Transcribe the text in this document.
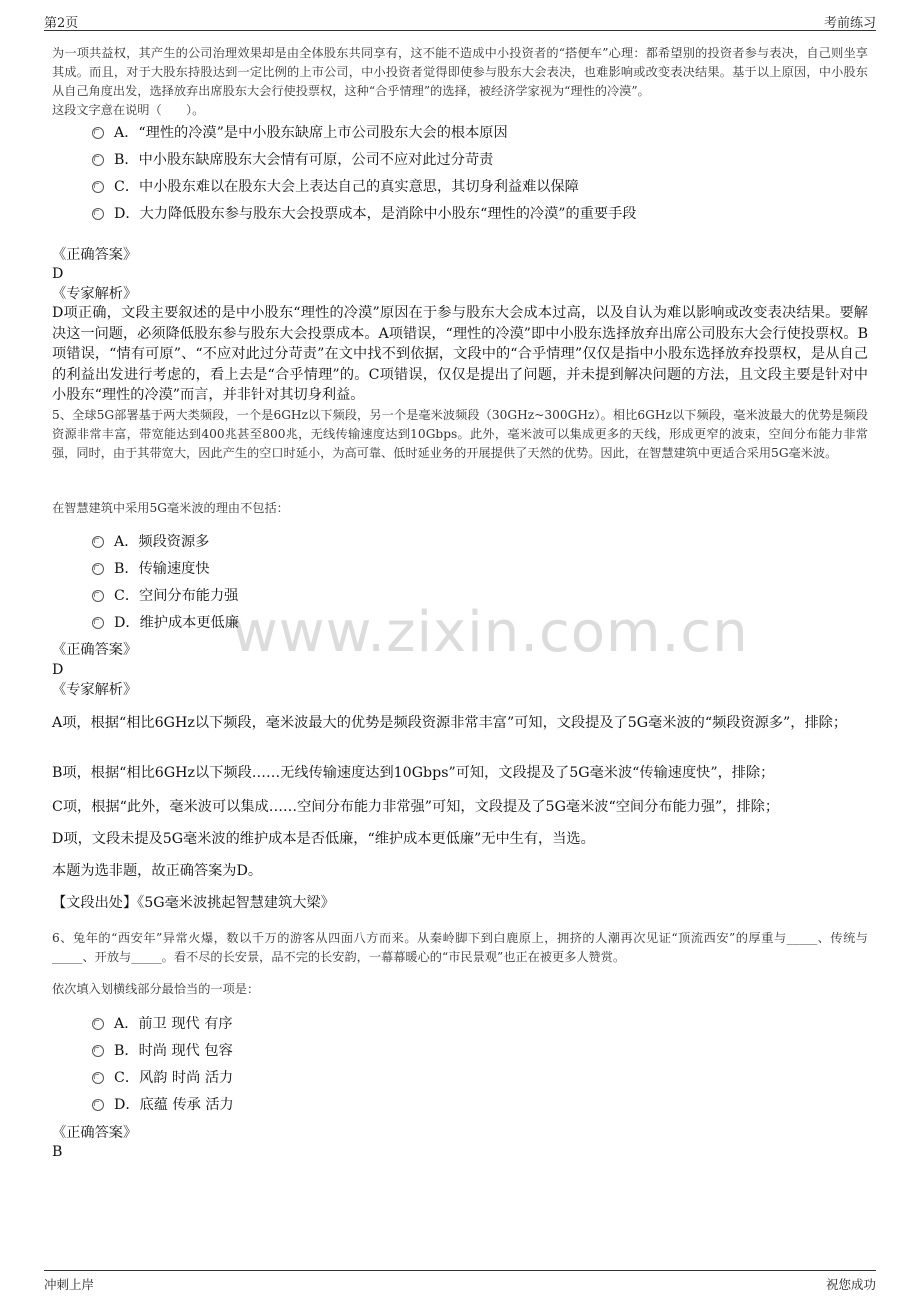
第2页	考前练习
www.zixin.com.cn
为一项共益权，其产生的公司治理效果却是由全体股东共同享有，这不能不造成中小投资者的“搭便车”心理：都希望别的投资者参与表决，自己则坐享其成。而且，对于大股东持股达到一定比例的上市公司，中小投资者觉得即使参与股东大会表决，也难影响或改变表决结果。基于以上原因，中小股东从自己角度出发，选择放弃出席股东大会行使投票权，这种“合乎情理”的选择，被经济学家视为“理性的冷漠”。
这段文字意在说明（　　）。
A．“理性的冷漠”是中小股东缺席上市公司股东大会的根本原因
B．中小股东缺席股东大会情有可原，公司不应对此过分苛责
C．中小股东难以在股东大会上表达自己的真实意思，其切身利益难以保障
D．大力降低股东参与股东大会投票成本，是消除中小股东“理性的冷漠”的重要手段
《正确答案》
D
《专家解析》
D项正确，文段主要叙述的是中小股东“理性的冷漠”原因在于参与股东大会成本过高，以及自认为难以影响或改变表决结果。要解决这一问题，必须降低股东参与股东大会投票成本。A项错误，“理性的冷漠”即中小股东选择放弃出席公司股东大会行使投票权。B项错误，“情有可原”、“不应对此过分苛责”在文中找不到依据，文段中的“合乎情理”仅仅是指中小股东选择放弃投票权，是从自己的利益出发进行考虑的，看上去是“合乎情理”的。C项错误，仅仅是提出了问题，并未提到解决问题的方法，且文段主要是针对中小股东“理性的冷漠”而言，并非针对其切身利益。
5、全球5G部署基于两大类频段，一个是6GHz以下频段，另一个是毫米波频段（30GHz~300GHz）。相比6GHz以下频段，毫米波最大的优势是频段资源非常丰富，带宽能达到400兆甚至800兆，无线传输速度达到10Gbps。此外，毫米波可以集成更多的天线，形成更窄的波束，空间分布能力非常强，同时，由于其带宽大，因此产生的空口时延小，为高可靠、低时延业务的开展提供了天然的优势。因此，在智慧建筑中更适合采用5G毫米波。
在智慧建筑中采用5G毫米波的理由不包括：
A．频段资源多
B．传输速度快
C．空间分布能力强
D．维护成本更低廉
《正确答案》
D
《专家解析》
A项，根据“相比6GHz以下频段，毫米波最大的优势是频段资源非常丰富”可知，文段提及了5G毫米波的“频段资源多”，排除；
B项，根据“相比6GHz以下频段……无线传输速度达到10Gbps”可知，文段提及了5G毫米波“传输速度快”，排除；
C项，根据“此外，毫米波可以集成……空间分布能力非常强”可知，文段提及了5G毫米波“空间分布能力强”，排除；
D项，文段未提及5G毫米波的维护成本是否低廉，“维护成本更低廉”无中生有，当选。
本题为选非题，故正确答案为D。
【文段出处】《5G毫米波挑起智慧建筑大梁》
6、兔年的“西安年”异常火爆，数以千万的游客从四面八方而来。从秦岭脚下到白鹿原上，拥挤的人潮再次见证“顶流西安”的厚重与_____、传统与_____、开放与_____。看不尽的长安景，品不完的长安韵，一幕幕暖心的“市民景观”也正在被更多人赞赏。
依次填入划横线部分最恰当的一项是：
A．前卫 现代 有序
B．时尚 现代 包容
C．风韵 时尚 活力
D．底蕴 传承 活力
《正确答案》
B
冲刺上岸	祝您成功
